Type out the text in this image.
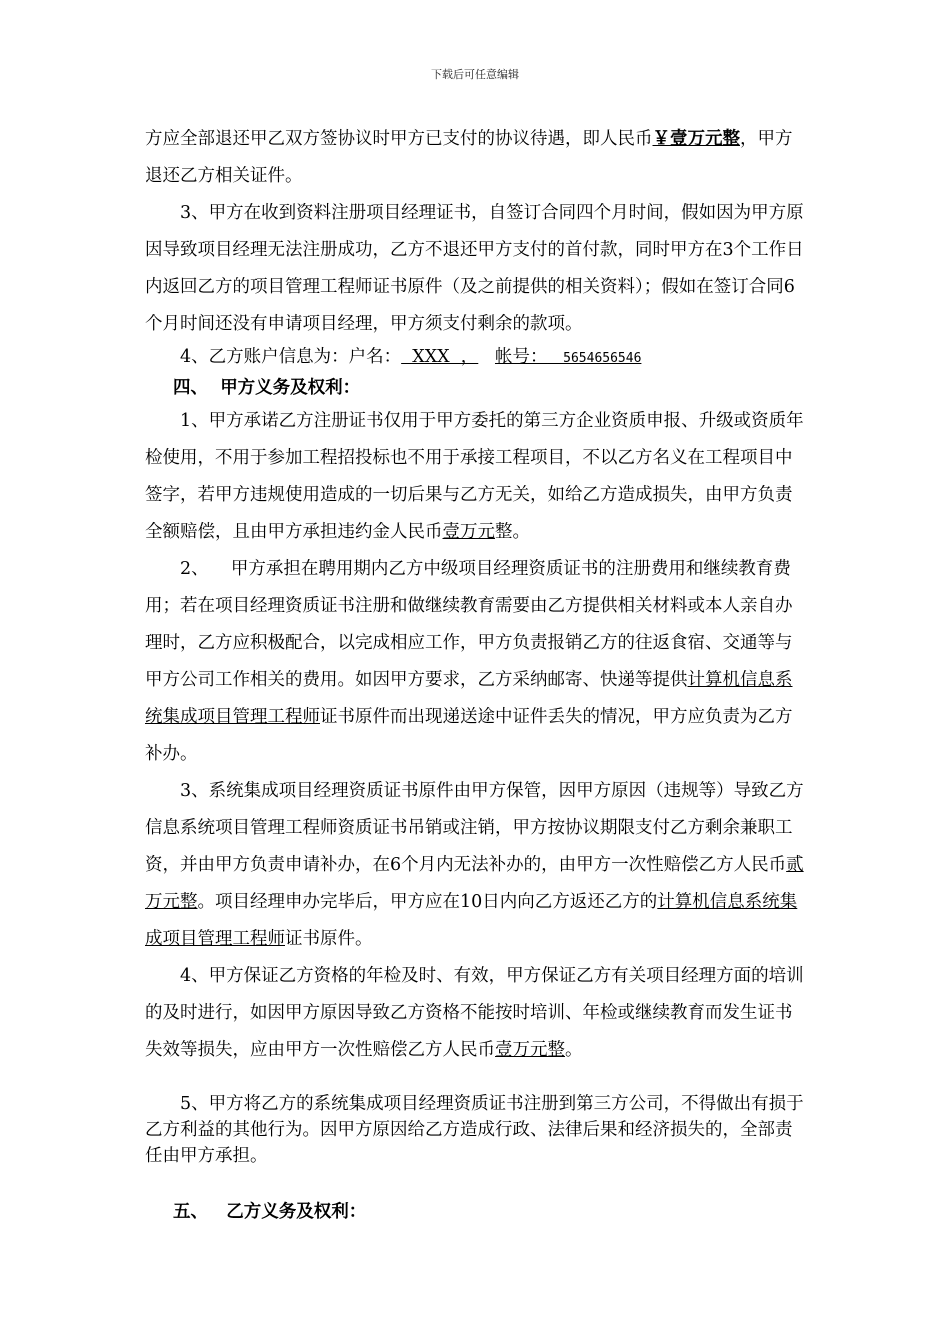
下载后可任意编辑

方应全部退还甲乙双方签协议时甲方已支付的协议待遇，即人民币￥壹万元整，甲方退还乙方相关证件。

3、甲方在收到资料注册项目经理证书，自签订合同四个月时间，假如因为甲方原因导致项目经理无法注册成功，乙方不退还甲方支付的首付款，同时甲方在3个工作日内返回乙方的项目管理工程师证书原件（及之前提供的相关资料）；假如在签订合同6个月时间还没有申请项目经理，甲方须支付剩余的款项。

4、乙方账户信息为：户名：  XXX  ， 帐号：  5654656546

四、 甲方义务及权利：

1、甲方承诺乙方注册证书仅用于甲方委托的第三方企业资质申报、升级或资质年检使用，不用于参加工程招投标也不用于承接工程项目，不以乙方名义在工程项目中签字，若甲方违规使用造成的一切后果与乙方无关，如给乙方造成损失，由甲方负责全额赔偿，且由甲方承担违约金人民币壹万元整。

2、    甲方承担在聘用期内乙方中级项目经理资质证书的注册费用和继续教育费用；若在项目经理资质证书注册和做继续教育需要由乙方提供相关材料或本人亲自办理时，乙方应积极配合，以完成相应工作，甲方负责报销乙方的往返食宿、交通等与甲方公司工作相关的费用。如因甲方要求，乙方采纳邮寄、快递等提供计算机信息系统集成项目管理工程师证书原件而出现递送途中证件丢失的情况，甲方应负责为乙方补办。

3、系统集成项目经理资质证书原件由甲方保管，因甲方原因（违规等）导致乙方信息系统项目管理工程师资质证书吊销或注销，甲方按协议期限支付乙方剩余兼职工资，并由甲方负责申请补办，在6个月内无法补办的，由甲方一次性赔偿乙方人民币贰万元整。项目经理申办完毕后，甲方应在10日内向乙方返还乙方的计算机信息系统集成项目管理工程师证书原件。

4、甲方保证乙方资格的年检及时、有效，甲方保证乙方有关项目经理方面的培训的及时进行，如因甲方原因导致乙方资格不能按时培训、年检或继续教育而发生证书失效等损失，应由甲方一次性赔偿乙方人民币壹万元整。

5、甲方将乙方的系统集成项目经理资质证书注册到第三方公司，不得做出有损于乙方利益的其他行为。因甲方原因给乙方造成行政、法律后果和经济损失的，全部责任由甲方承担。

五、 乙方义务及权利：
